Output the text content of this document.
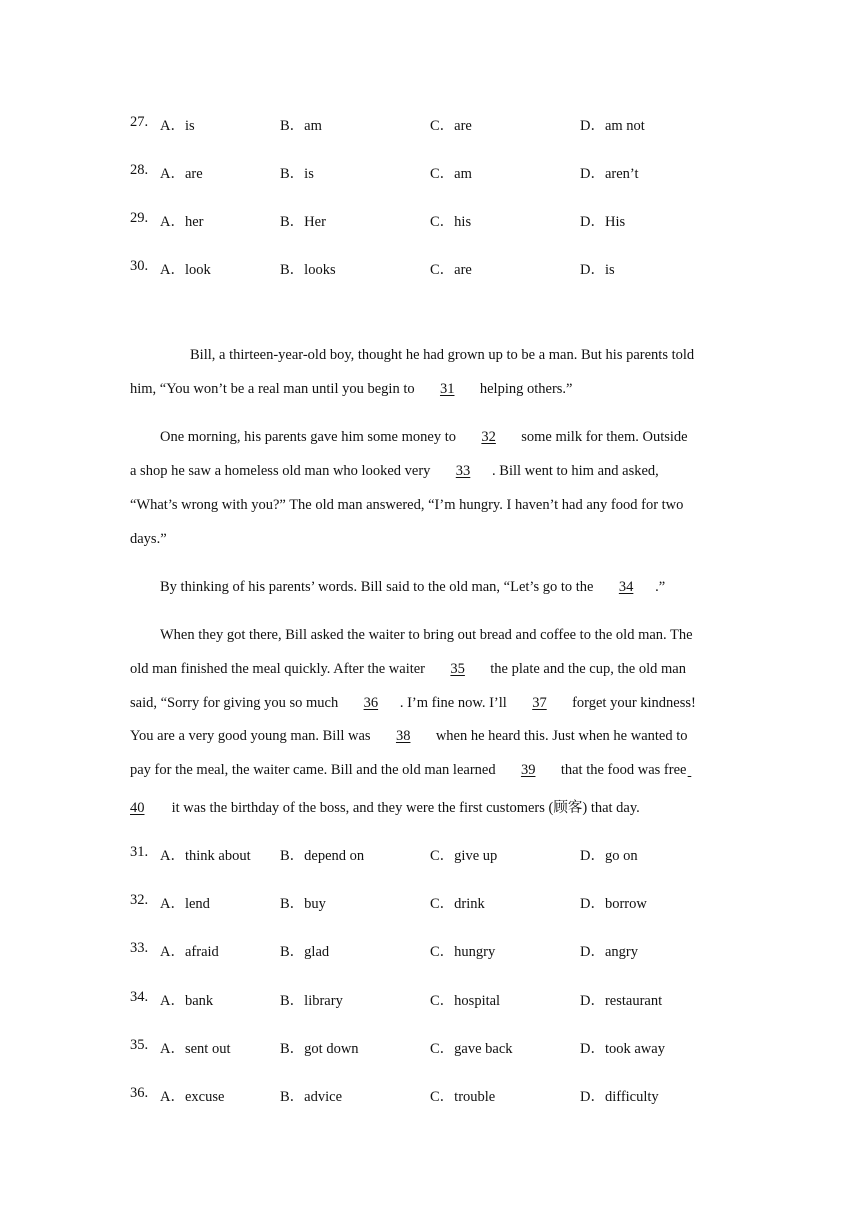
27. A．is	B．am	C．are	D．am not
28. A．are	B．is	C．am	D．aren’t
29. A．her	B．Her	C．his	D．His
30. A．look	B．looks	C．are	D．is
Bill, a thirteen-year-old boy, thought he had grown up to be a man. But his parents told
him, “You won’t be a real man until you begin to 31 helping others.”
One morning, his parents gave him some money to 32 some milk for them. Outside
a shop he saw a homeless old man who looked very 33 . Bill went to him and asked,
“What’s wrong with you?” The old man answered, “I’m hungry. I haven’t had any food for two
days.”
By thinking of his parents’ words. Bill said to the old man, “Let’s go to the 34 .”
When they got there, Bill asked the waiter to bring out bread and coffee to the old man. The
old man finished the meal quickly. After the waiter 35 the plate and the cup, the old man
said, “Sorry for giving you so much 36 . I’m fine now. I’ll 37 forget your kindness!
You are a very good young man. Bill was 38 when he heard this. Just when he wanted to
pay for the meal, the waiter came. Bill and the old man learned 39 that the food was free
40 it was the birthday of the boss, and they were the first customers (顾客) that day.
31. A．think about B．depend on	C．give up	D．go on
32. A．lend	B．buy	C．drink	D．borrow
33. A．afraid	B．glad	C．hungry	D．angry
34. A．bank	B．library	C．hospital	D．restaurant
35. A．sent out	B．got down	C．gave back	D．took away
36. A．excuse	B．advice	C．trouble	D．difficulty
